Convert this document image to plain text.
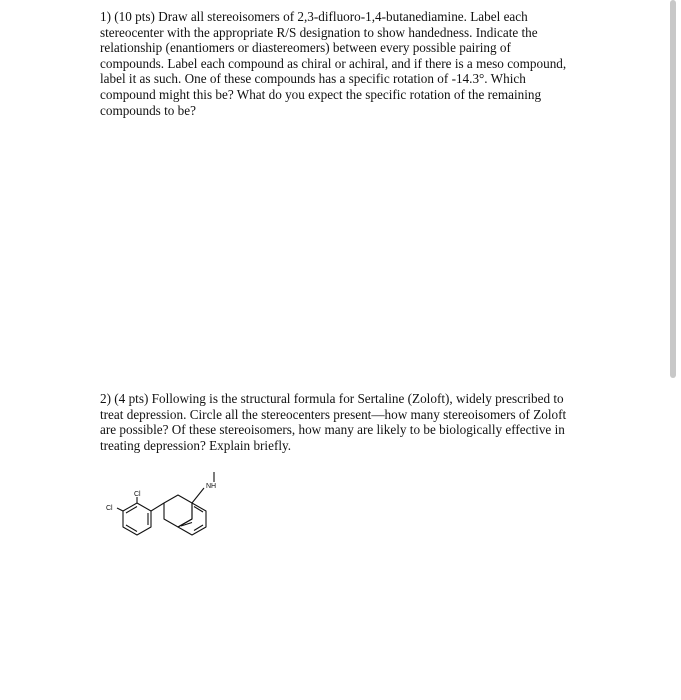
1) (10 pts) Draw all stereoisomers of 2,3-difluoro-1,4-butanediamine. Label each
stereocenter with the appropriate R/S designation to show handedness. Indicate the
relationship (enantiomers or diastereomers) between every possible pairing of
compounds. Label each compound as chiral or achiral, and if there is a meso compound,
label it as such. One of these compounds has a specific rotation of -14.3°. Which
compound might this be? What do you expect the specific rotation of the remaining
compounds to be?
2) (4 pts) Following is the structural formula for Sertaline (Zoloft), widely prescribed to
treat depression. Circle all the stereocenters present—how many stereoisomers of Zoloft
are possible? Of these stereoisomers, how many are likely to be biologically effective in
treating depression? Explain briefly.
NH
Cl
Cl
